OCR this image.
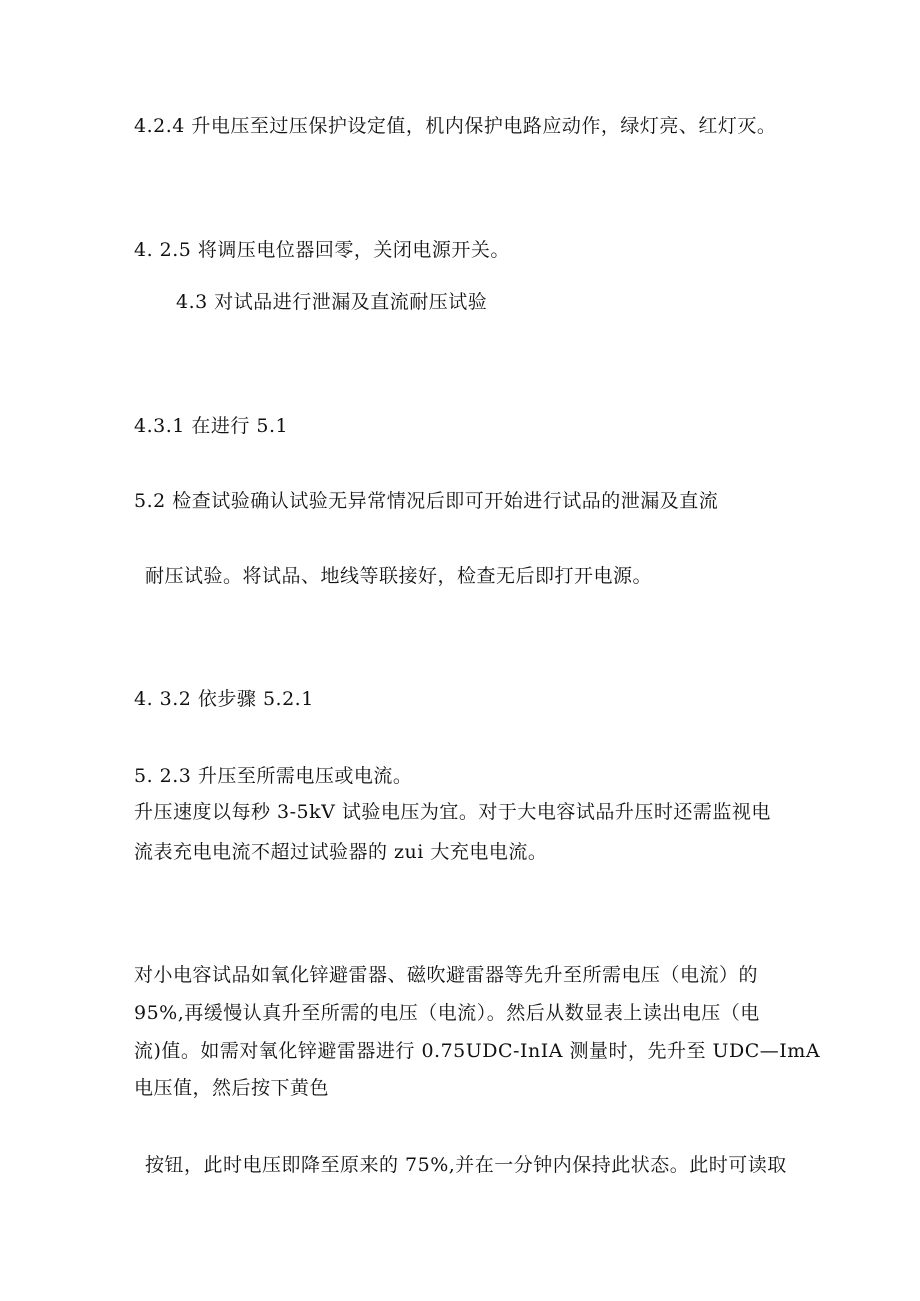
4.2.4 升电压至过压保护设定值，机内保护电路应动作，绿灯亮、红灯灭。
4. 2.5 将调压电位器回零，关闭电源开关。
4.3 对试品进行泄漏及直流耐压试验
4.3.1 在进行 5.1
5.2 检查试验确认试验无异常情况后即可开始进行试品的泄漏及直流
耐压试验。将试品、地线等联接好，检查无后即打开电源。
4. 3.2 依步骤 5.2.1
5. 2.3 升压至所需电压或电流。
升压速度以每秒 3-5kV 试验电压为宜。对于大电容试品升压时还需监视电
流表充电电流不超过试验器的 zui 大充电电流。
对小电容试品如氧化锌避雷器、磁吹避雷器等先升至所需电压（电流）的
95%,再缓慢认真升至所需的电压（电流）。然后从数显表上读出电压（电
流)值。如需对氧化锌避雷器进行 0.75UDC-InIA 测量时，先升至 UDC—ImA
电压值，然后按下黄色
按钮，此时电压即降至原来的 75%,并在一分钟内保持此状态。此时可读取
